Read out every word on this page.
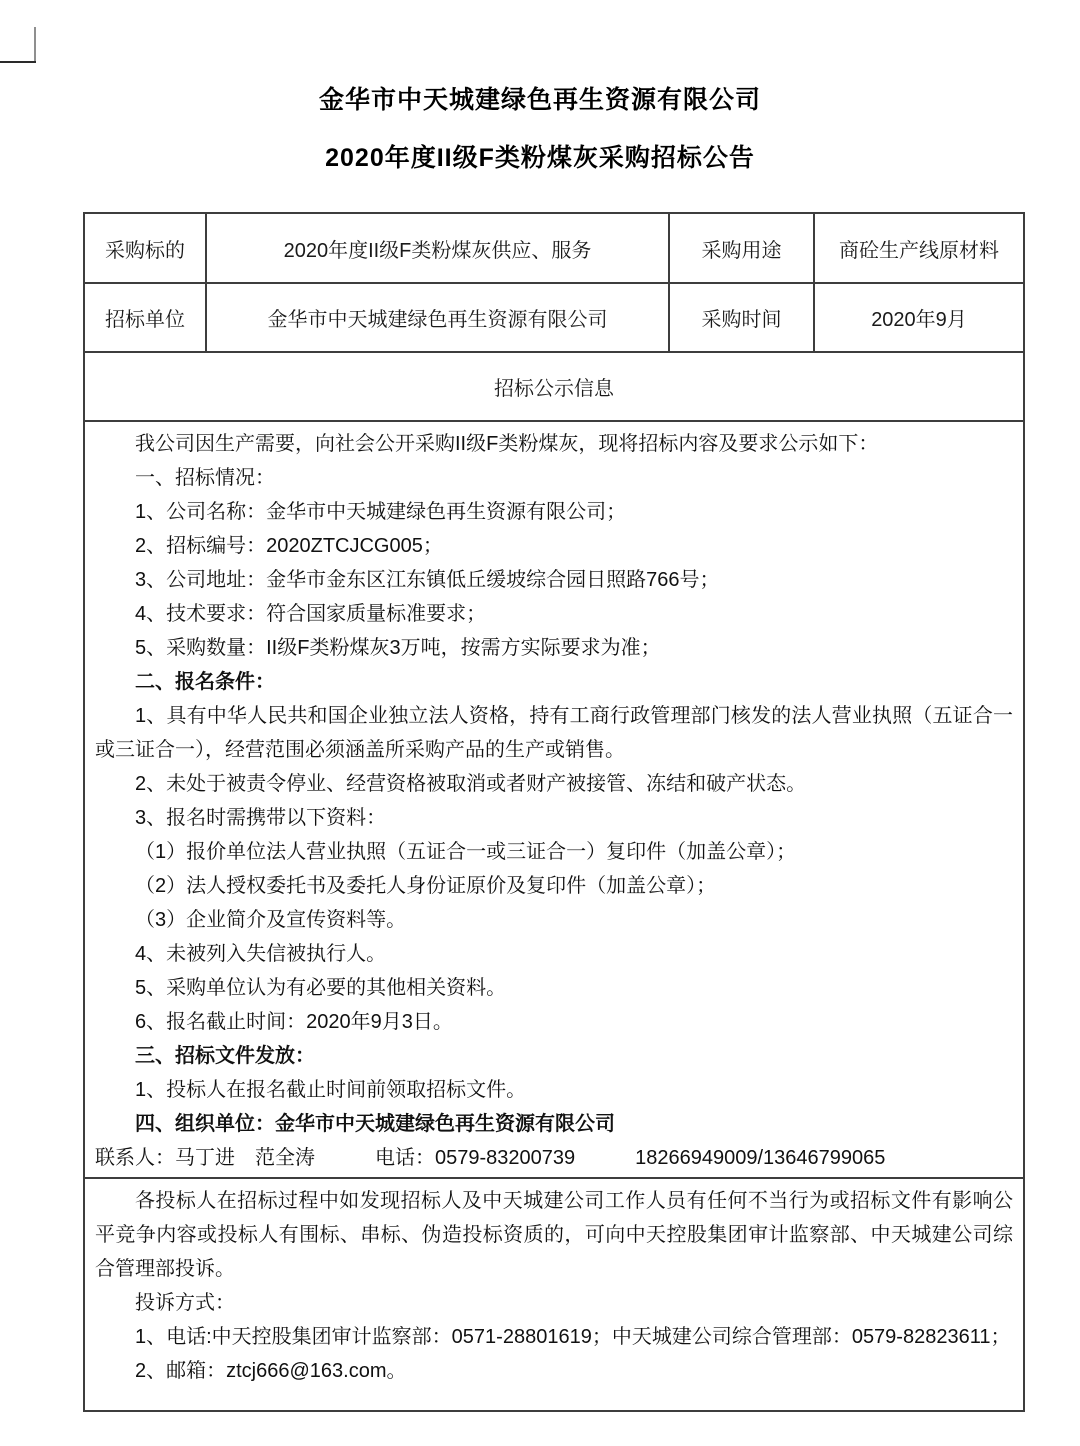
金华市中天城建绿色再生资源有限公司
2020年度II级F类粉煤灰采购招标公告
采购标的	2020年度II级F类粉煤灰供应、服务	采购用途	商砼生产线原材料
招标单位	金华市中天城建绿色再生资源有限公司	采购时间	2020年9月
招标公示信息			

我公司因生产需要，向社会公开采购II级F类粉煤灰，现将招标内容及要求公示如下：

一、招标情况：

1、公司名称：金华市中天城建绿色再生资源有限公司；

2、招标编号：2020ZTCJCG005；

3、公司地址：金华市金东区江东镇低丘缓坡综合园日照路766号；

4、技术要求：符合国家质量标准要求；

5、采购数量：II级F类粉煤灰3万吨，按需方实际要求为准；

二、报名条件：

1、具有中华人民共和国企业独立法人资格，持有工商行政管理部门核发的法人营业执照（五证合一或三证合一），经营范围必须涵盖所采购产品的生产或销售。

2、未处于被责令停业、经营资格被取消或者财产被接管、冻结和破产状态。

3、报名时需携带以下资料：

（1）报价单位法人营业执照（五证合一或三证合一）复印件（加盖公章）；

（2）法人授权委托书及委托人身份证原价及复印件（加盖公章）；

（3）企业简介及宣传资料等。

4、未被列入失信被执行人。

5、采购单位认为有必要的其他相关资料。

6、报名截止时间：2020年9月3日。

三、招标文件发放：

1、投标人在报名截止时间前领取招标文件。

四、组织单位：金华市中天城建绿色再生资源有限公司

联系人：马丁进　范全涛　　　电话：0579-83200739　　　18266949009/13646799065

各投标人在招标过程中如发现招标人及中天城建公司工作人员有任何不当行为或招标文件有影响公平竞争内容或投标人有围标、串标、伪造投标资质的，可向中天控股集团审计监察部、中天城建公司综合管理部投诉。

投诉方式：

1、电话:中天控股集团审计监察部：0571-28801619；中天城建公司综合管理部：0579-82823611；

2、邮箱：ztcj666@163.com。			
